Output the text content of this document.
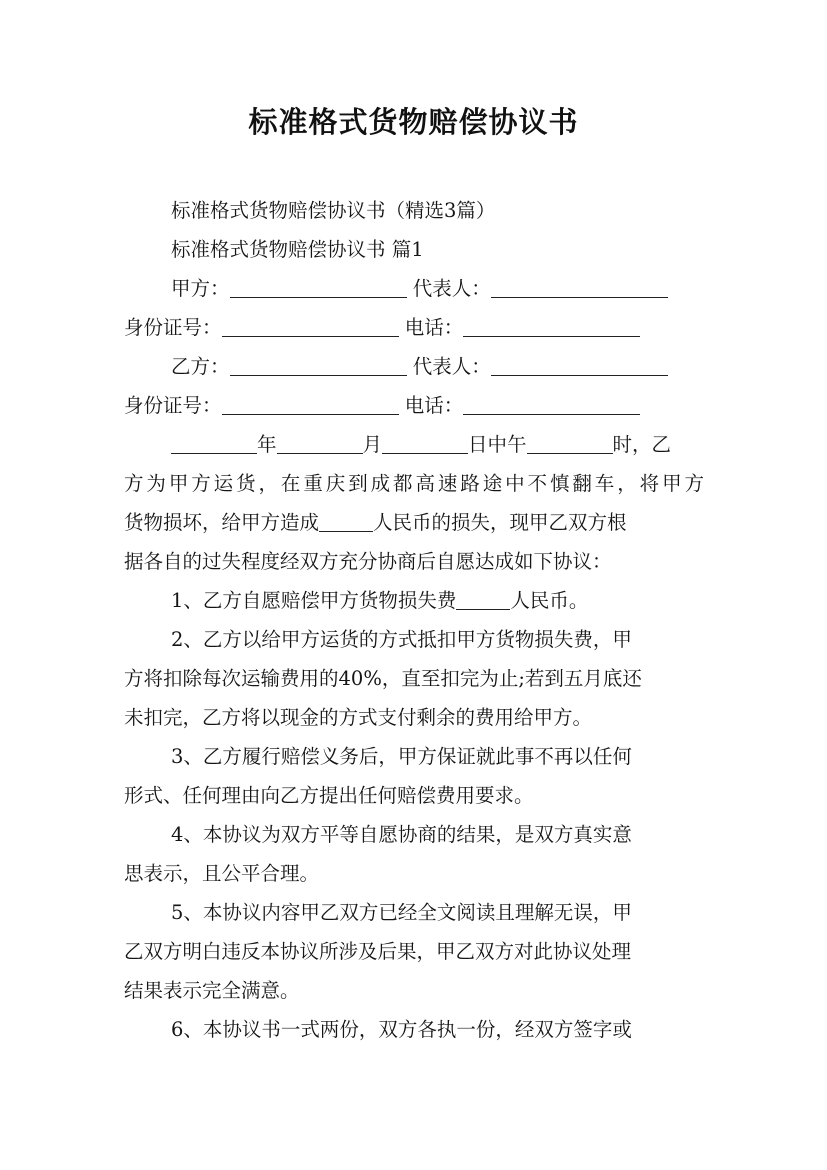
标准格式货物赔偿协议书
标准格式货物赔偿协议书（精选3篇）
标准格式货物赔偿协议书 篇1
甲方：	代表人：
身份证号：	电话：
乙方：	代表人：
身份证号：	电话：
年	月	日中午	时，乙
方为甲方运货，在重庆到成都高速路途中不慎翻车，将甲方
货物损坏，给甲方造成	人民币的损失，现甲乙双方根
据各自的过失程度经双方充分协商后自愿达成如下协议：
1、乙方自愿赔偿甲方货物损失费	人民币。
2、乙方以给甲方运货的方式抵扣甲方货物损失费，甲
方将扣除每次运输费用的40%，直至扣完为止;若到五月底还
未扣完，乙方将以现金的方式支付剩余的费用给甲方。
3、乙方履行赔偿义务后，甲方保证就此事不再以任何
形式、任何理由向乙方提出任何赔偿费用要求。
4、本协议为双方平等自愿协商的结果，是双方真实意
思表示，且公平合理。
5、本协议内容甲乙双方已经全文阅读且理解无误，甲
乙双方明白违反本协议所涉及后果，甲乙双方对此协议处理
结果表示完全满意。
6、本协议书一式两份，双方各执一份，经双方签字或
